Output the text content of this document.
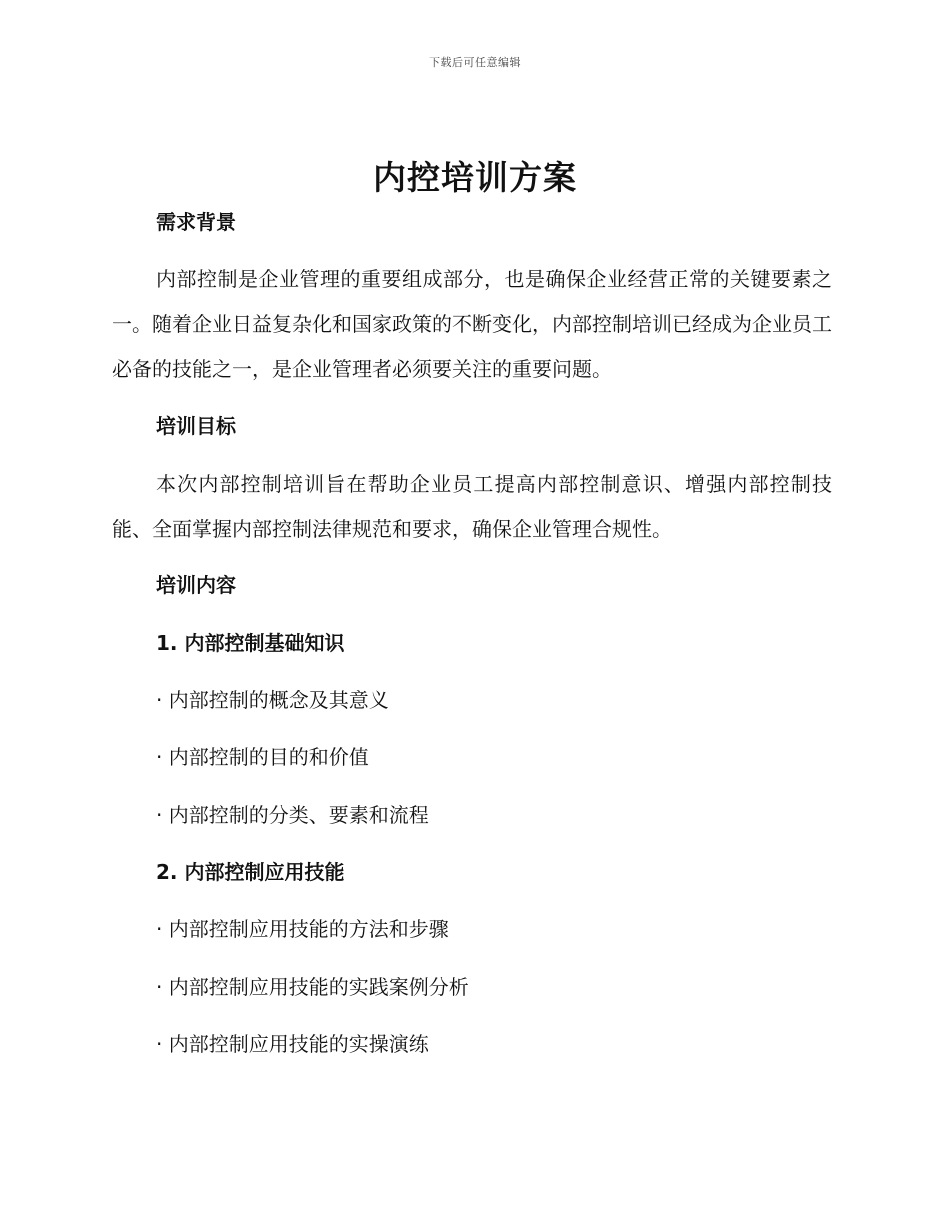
下载后可任意编辑
内控培训方案
需求背景
内部控制是企业管理的重要组成部分，也是确保企业经营正常的关键要素之一。随着企业日益复杂化和国家政策的不断变化，内部控制培训已经成为企业员工必备的技能之一，是企业管理者必须要关注的重要问题。
培训目标
本次内部控制培训旨在帮助企业员工提高内部控制意识、增强内部控制技能、全面掌握内部控制法律规范和要求，确保企业管理合规性。
培训内容
1. 内部控制基础知识
· 内部控制的概念及其意义
· 内部控制的目的和价值
· 内部控制的分类、要素和流程
2. 内部控制应用技能
· 内部控制应用技能的方法和步骤
· 内部控制应用技能的实践案例分析
· 内部控制应用技能的实操演练
